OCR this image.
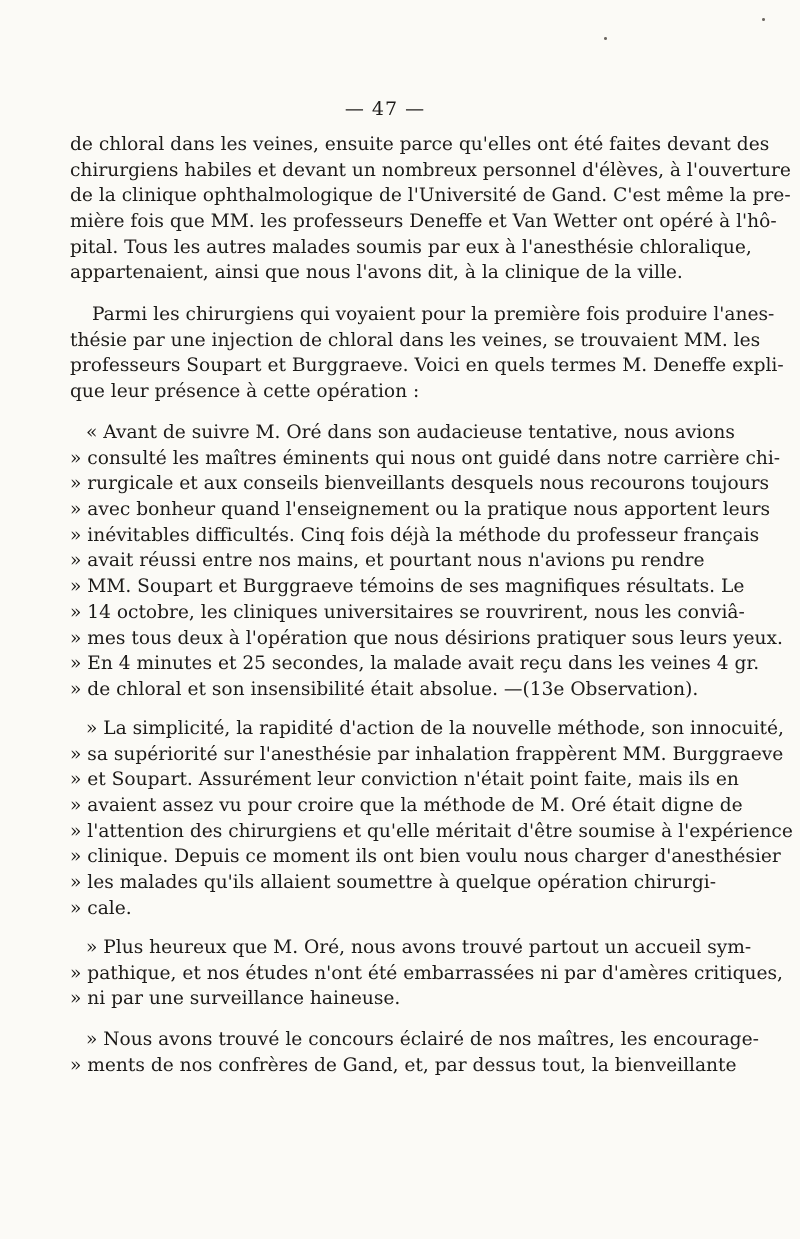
— 47 —
de chloral dans les veines, ensuite parce qu'elles ont été faites devant des
chirurgiens habiles et devant un nombreux personnel d'élèves, à l'ouverture
de la clinique ophthalmologique de l'Université de Gand. C'est même la pre-
mière fois que MM. les professeurs Deneffe et Van Wetter ont opéré à l'hô-
pital. Tous les autres malades soumis par eux à l'anesthésie chloralique,
appartenaient, ainsi que nous l'avons dit, à la clinique de la ville.
Parmi les chirurgiens qui voyaient pour la première fois produire l'anes-
thésie par une injection de chloral dans les veines, se trouvaient MM. les
professeurs Soupart et Burggraeve. Voici en quels termes M. Deneffe expli-
que leur présence à cette opération :
« Avant de suivre M. Oré dans son audacieuse tentative, nous avions
» consulté les maîtres éminents qui nous ont guidé dans notre carrière chi-
» rurgicale et aux conseils bienveillants desquels nous recourons toujours
» avec bonheur quand l'enseignement ou la pratique nous apportent leurs
» inévitables difficultés. Cinq fois déjà la méthode du professeur français
» avait réussi entre nos mains, et pourtant nous n'avions pu rendre
» MM. Soupart et Burggraeve témoins de ses magnifiques résultats. Le
» 14 octobre, les cliniques universitaires se rouvrirent, nous les conviâ-
» mes tous deux à l'opération que nous désirions pratiquer sous leurs yeux.
» En 4 minutes et 25 secondes, la malade avait reçu dans les veines 4 gr.
» de chloral et son insensibilité était absolue. —(13e Observation).
» La simplicité, la rapidité d'action de la nouvelle méthode, son innocuité,
» sa supériorité sur l'anesthésie par inhalation frappèrent MM. Burggraeve
» et Soupart. Assurément leur conviction n'était point faite, mais ils en
» avaient assez vu pour croire que la méthode de M. Oré était digne de
» l'attention des chirurgiens et qu'elle méritait d'être soumise à l'expérience
» clinique. Depuis ce moment ils ont bien voulu nous charger d'anesthésier
» les malades qu'ils allaient soumettre à quelque opération chirurgi-
» cale.
» Plus heureux que M. Oré, nous avons trouvé partout un accueil sym-
» pathique, et nos études n'ont été embarrassées ni par d'amères critiques,
» ni par une surveillance haineuse.
» Nous avons trouvé le concours éclairé de nos maîtres, les encourage-
» ments de nos confrères de Gand, et, par dessus tout, la bienveillante
